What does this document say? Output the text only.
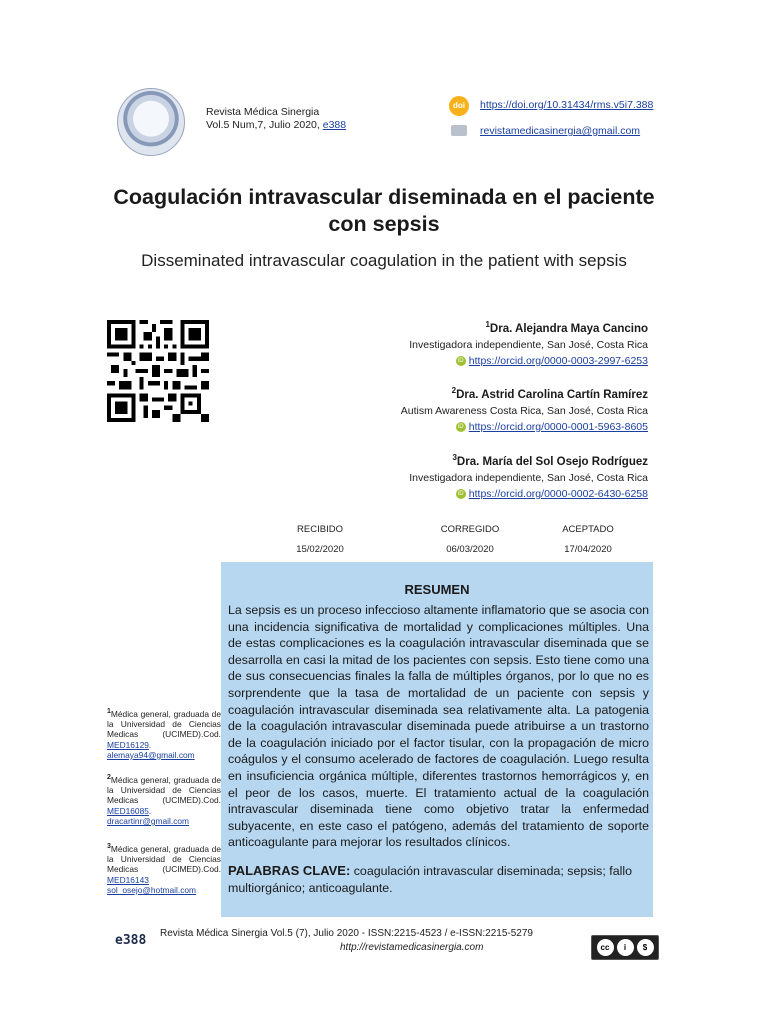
Revista Médica Sinergia
Vol.5 Num,7, Julio 2020, e388
doi	https://doi.org/10.31434/rms.v5i7.388
revistamedicasinergia@gmail.com
Coagulación intravascular diseminada en el paciente con sepsis
Disseminated intravascular coagulation in the patient with sepsis
$^1$Dra. Alejandra Maya Cancino
Investigadora independiente, San José, Costa Rica
iD https://orcid.org/0000-0003-2997-6253
$^2$Dra. Astrid Carolina Cartín Ramírez
Autism Awareness Costa Rica, San José, Costa Rica
iD https://orcid.org/0000-0001-5963-8605
$^3$Dra. María del Sol Osejo Rodríguez
Investigadora independiente, San José, Costa Rica
iD https://orcid.org/0000-0002-6430-6258
RECIBIDO
15/02/2020
CORREGIDO
06/03/2020
ACEPTADO
17/04/2020
RESUMEN
La sepsis es un proceso infeccioso altamente inflamatorio que se asocia con una incidencia significativa de mortalidad y complicaciones múltiples. Una de estas complicaciones es la coagulación intravascular diseminada que se desarrolla en casi la mitad de los pacientes con sepsis. Esto tiene como una de sus consecuencias finales la falla de múltiples órganos, por lo que no es sorprendente que la tasa de mortalidad de un paciente con sepsis y coagulación intravascular diseminada sea relativamente alta. La patogenia de la coagulación intravascular diseminada puede atribuirse a un trastorno de la coagulación iniciado por el factor tisular, con la propagación de micro coágulos y el consumo acelerado de factores de coagulación. Luego resulta en insuficiencia orgánica múltiple, diferentes trastornos hemorrágicos y, en el peor de los casos, muerte. El tratamiento actual de la coagulación intravascular diseminada tiene como objetivo tratar la enfermedad subyacente, en este caso el patógeno, además del tratamiento de soporte anticoagulante para mejorar los resultados clínicos.
PALABRAS CLAVE: coagulación intravascular diseminada; sepsis; fallo multiorgánico; anticoagulante.
$^1$Médica general, graduada de la Universidad de Ciencias Medicas (UCIMED).Cod. MED16129.
alemaya94@gmail.com
$^2$Médica general, graduada de la Universidad de Ciencias Medicas (UCIMED).Cod. MED16085.
dracartinr@gmail.com
$^3$Médica general, graduada de la Universidad de Ciencias Medicas (UCIMED).Cod. MED16143
sol_osejo@hotmail.com
e388 Revista Médica Sinergia Vol.5 (7), Julio 2020 - ISSN:2215-4523 / e-ISSN:2215-5279
http://revistamedicasinergia.com	cc	i	$
